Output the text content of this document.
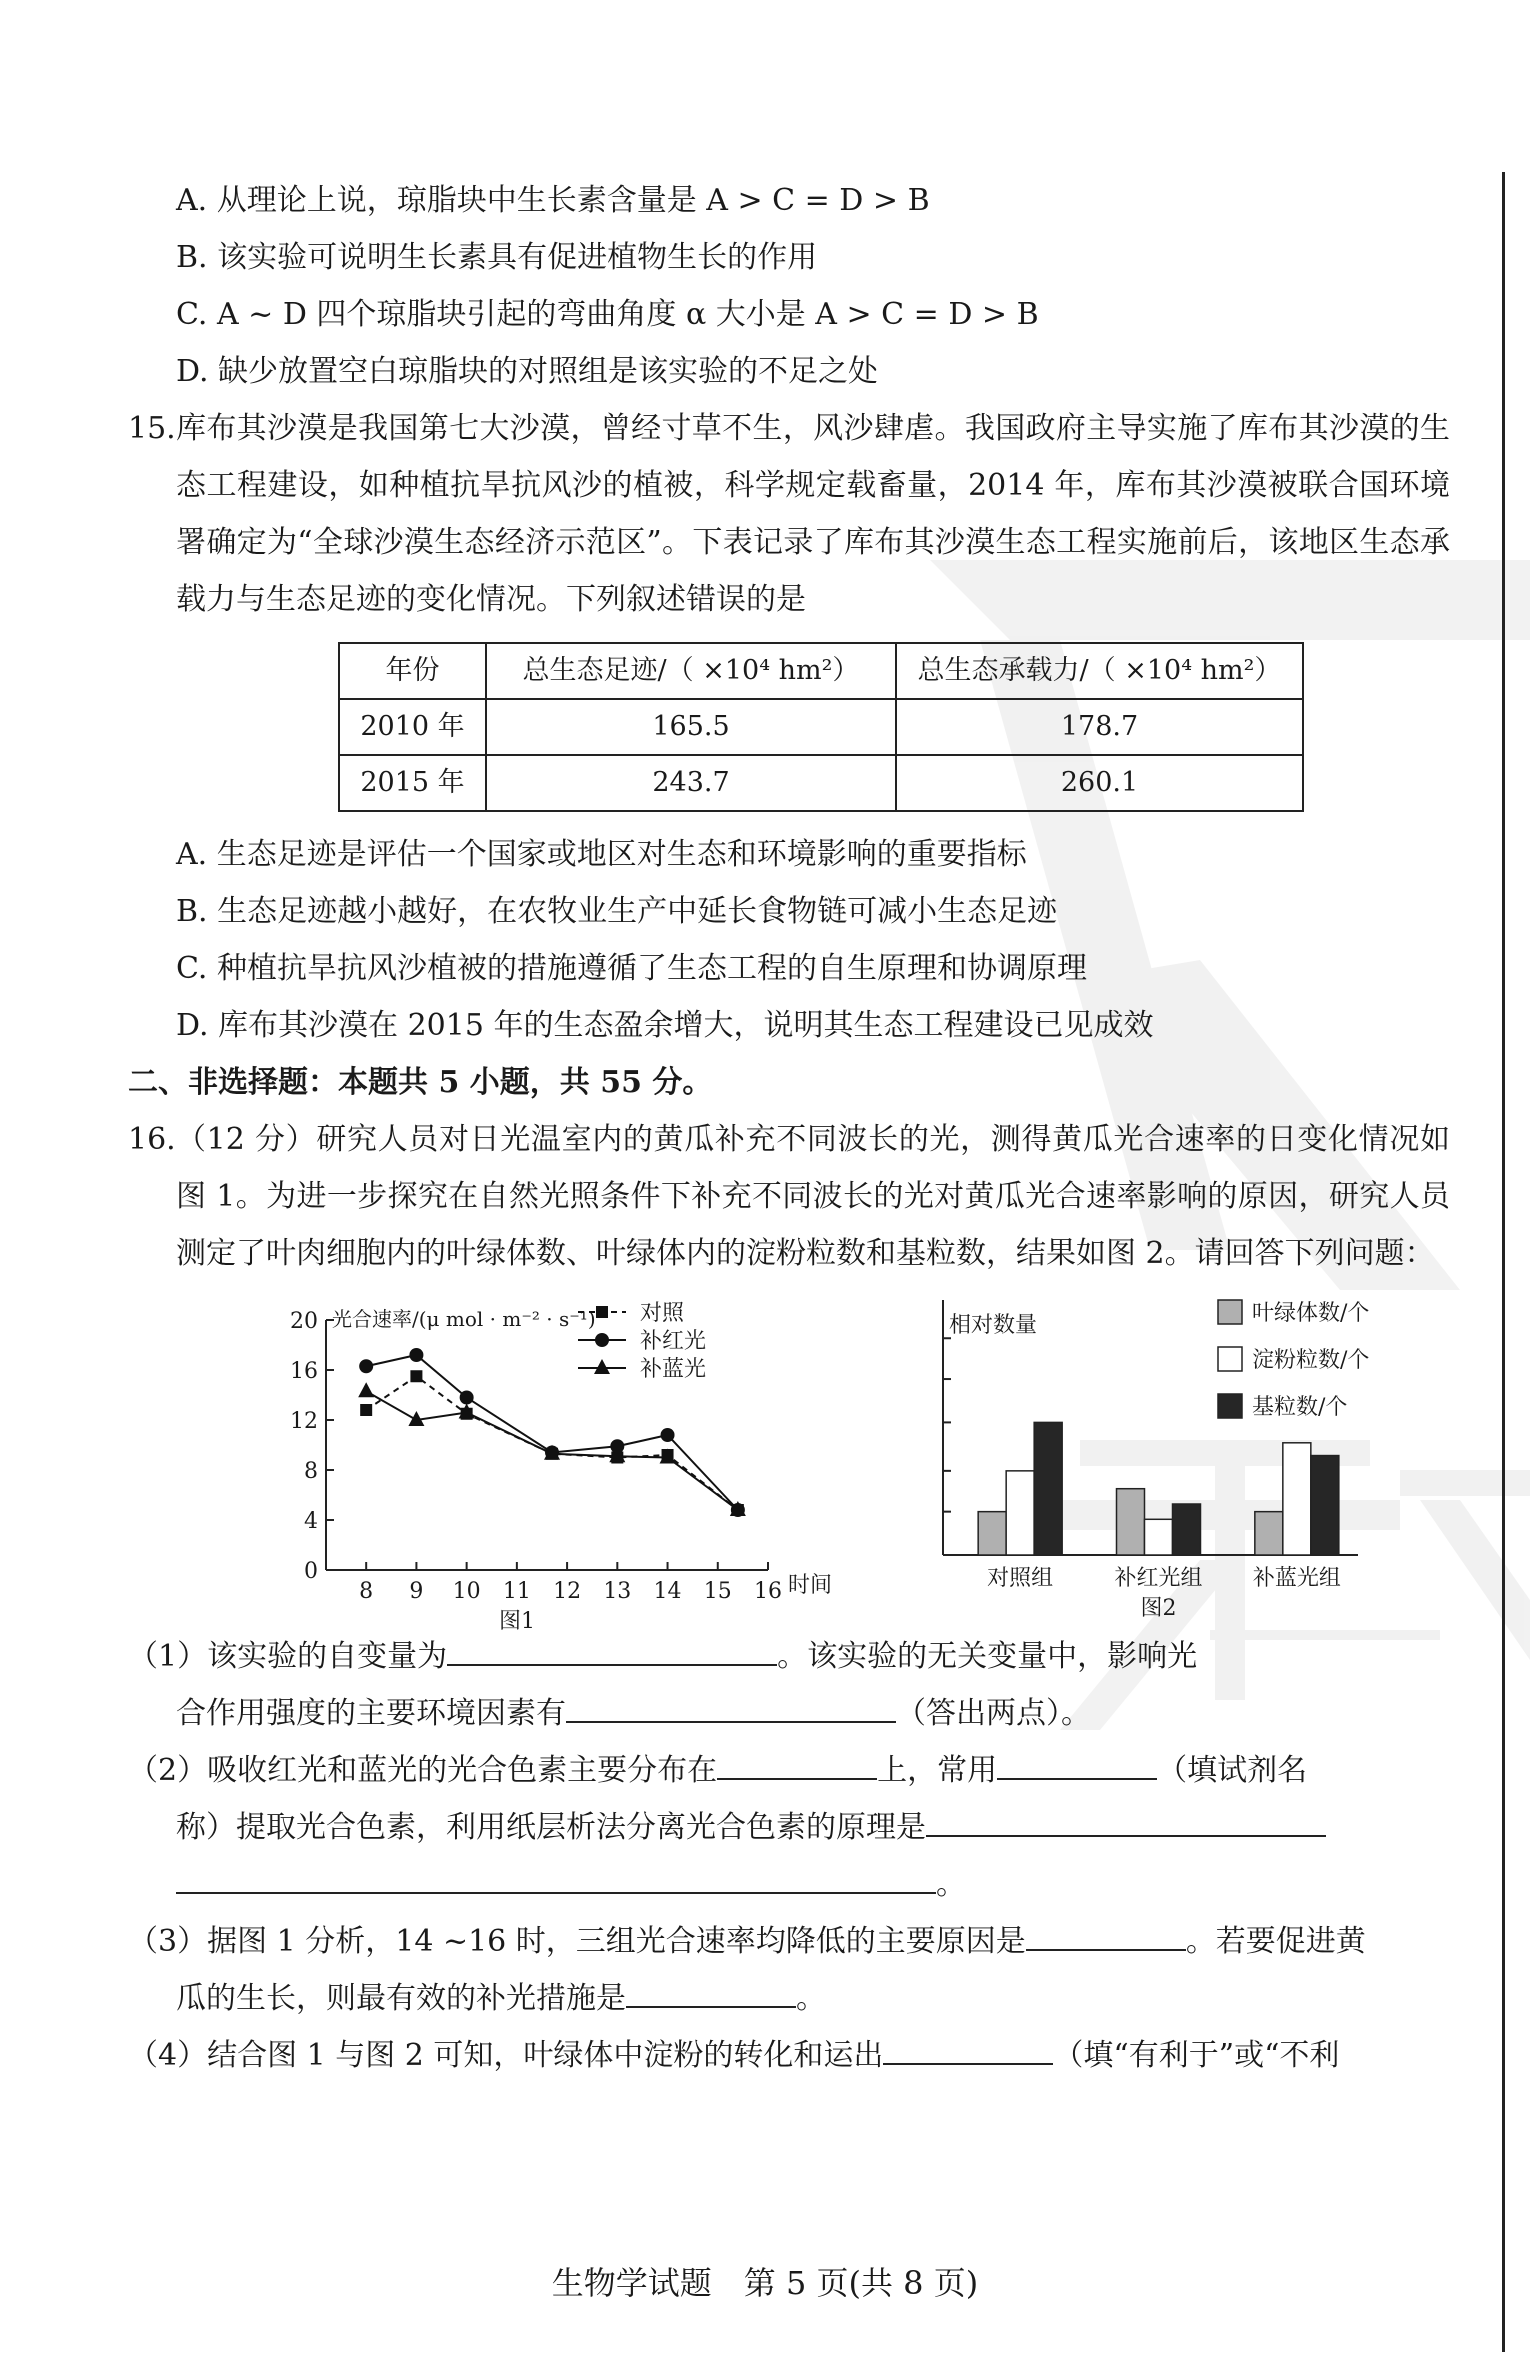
A. 从理论上说，琼脂块中生长素含量是 A > C = D > B
B. 该实验可说明生长素具有促进植物生长的作用
C. A ~ D 四个琼脂块引起的弯曲角度 α 大小是 A > C = D > B
D. 缺少放置空白琼脂块的对照组是该实验的不足之处
15. 库布其沙漠是我国第七大沙漠，曾经寸草不生，风沙肆虐。我国政府主导实施了库布其沙漠的生态工程建设，如种植抗旱抗风沙的植被，科学规定载畜量，2014 年，库布其沙漠被联合国环境署确定为“全球沙漠生态经济示范区”。下表记录了库布其沙漠生态工程实施前后，该地区生态承载力与生态足迹的变化情况。下列叙述错误的是
年份	总生态足迹/（ ×10⁴ hm²）	总生态承载力/（ ×10⁴ hm²）
2010 年	165.5	178.7
2015 年	243.7	260.1
A. 生态足迹是评估一个国家或地区对生态和环境影响的重要指标
B. 生态足迹越小越好，在农牧业生产中延长食物链可减小生态足迹
C. 种植抗旱抗风沙植被的措施遵循了生态工程的自生原理和协调原理
D. 库布其沙漠在 2015 年的生态盈余增大，说明其生态工程建设已见成效
二、非选择题：本题共 5 小题，共 55 分。
16. （12 分）研究人员对日光温室内的黄瓜补充不同波长的光，测得黄瓜光合速率的日变化情况如图 1。为进一步探究在自然光照条件下补充不同波长的光对黄瓜光合速率影响的原因，研究人员测定了叶肉细胞内的叶绿体数、叶绿体内的淀粉粒数和基粒数，结果如图 2。请回答下列问题：
0
4
8
12
16
20
8 9 10 11 12 13 14 15 16 时间
光合速率/(μ mol · m⁻² · s⁻¹)
图1
对照
补红光
补蓝光
相对数量
对照组	补红光组 补蓝光组
叶绿体数/个
淀粉粒数/个
基粒数/个
图2
（1）该实验的自变量为	。该实验的无关变量中，影响光
合作用强度的主要环境因素有	（答出两点）。
（2）吸收红光和蓝光的光合色素主要分布在	上，常用	（填试剂名
称）提取光合色素，利用纸层析法分离光合色素的原理是
。
（3）据图 1 分析，14 ~16 时，三组光合速率均降低的主要原因是	。若要促进黄
瓜的生长，则最有效的补光措施是	。
（4）结合图 1 与图 2 可知，叶绿体中淀粉的转化和运出	（填“有利于”或“不利
生物学试题　第 5 页(共 8 页)
